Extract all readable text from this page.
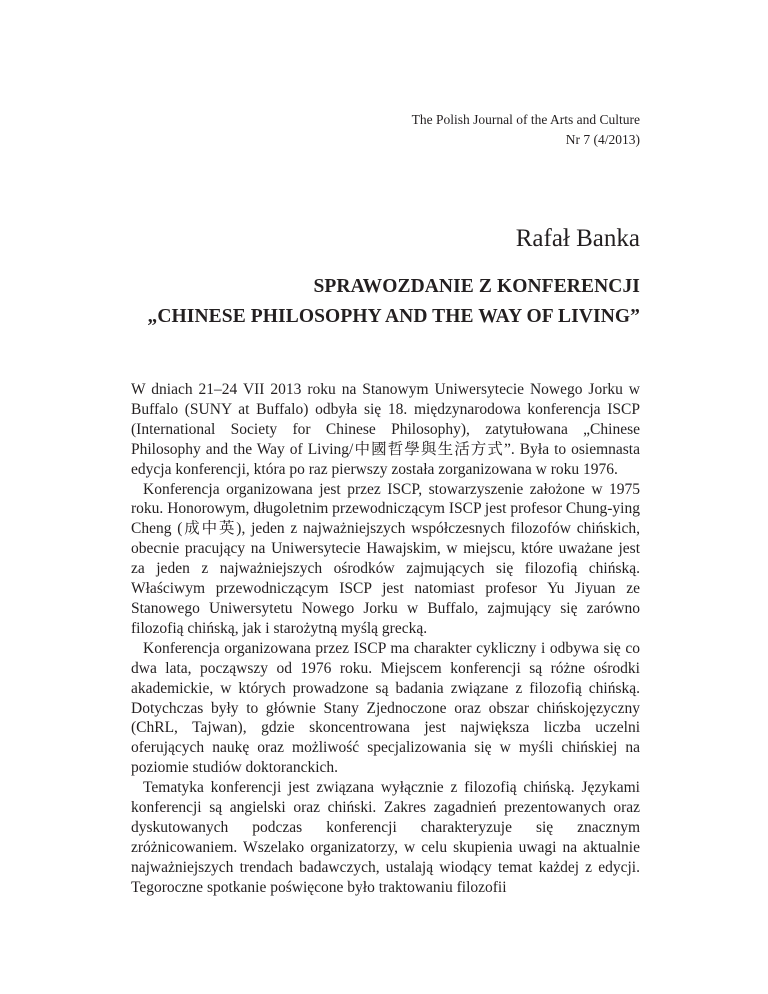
The Polish Journal of the Arts and Culture
Nr 7 (4/2013)
Rafał Banka
SPRAWOZDANIE Z KONFERENCJI
„CHINESE PHILOSOPHY AND THE WAY OF LIVING”

W dniach 21–24 VII 2013 roku na Stanowym Uniwersytecie Nowego Jorku w Buffalo (SUNY at Buffalo) odbyła się 18. międzynarodowa konferencja ISCP (International Society for Chinese Philosophy), zatytułowana „Chinese Philosophy and the Way of Living/中國哲學與生活方式”. Była to osiemnasta edycja konferencji, która po raz pierwszy została zorganizowana w roku 1976.

Konferencja organizowana jest przez ISCP, stowarzyszenie założone w 1975 roku. Honorowym, długoletnim przewodniczącym ISCP jest profesor Chung-ying Cheng (成中英), jeden z najważniejszych współczesnych filozofów chińskich, obecnie pracujący na Uniwersytecie Hawajskim, w miejscu, które uważane jest za jeden z najważniejszych ośrodków zajmujących się filozofią chińską. Właściwym przewodniczącym ISCP jest natomiast profesor Yu Jiyuan ze Stanowego Uniwersytetu Nowego Jorku w Buffalo, zajmujący się zarówno filozofią chińską, jak i starożytną myślą grecką.

Konferencja organizowana przez ISCP ma charakter cykliczny i odbywa się co dwa lata, począwszy od 1976 roku. Miejscem konferencji są różne ośrodki akademickie, w których prowadzone są badania związane z filozofią chińską. Dotychczas były to głównie Stany Zjednoczone oraz obszar chińskojęzyczny (ChRL, Tajwan), gdzie skoncentrowana jest największa liczba uczelni oferujących naukę oraz możliwość specjalizowania się w myśli chińskiej na poziomie studiów doktoranckich.

Tematyka konferencji jest związana wyłącznie z filozofią chińską. Językami konferencji są angielski oraz chiński. Zakres zagadnień prezentowanych oraz dyskutowanych podczas konferencji charakteryzuje się znacznym zróżnicowaniem. Wszelako organizatorzy, w celu skupienia uwagi na aktualnie najważniejszych trendach badawczych, ustalają wiodący temat każdej z edycji. Tegoroczne spotkanie poświęcone było traktowaniu filozofii
